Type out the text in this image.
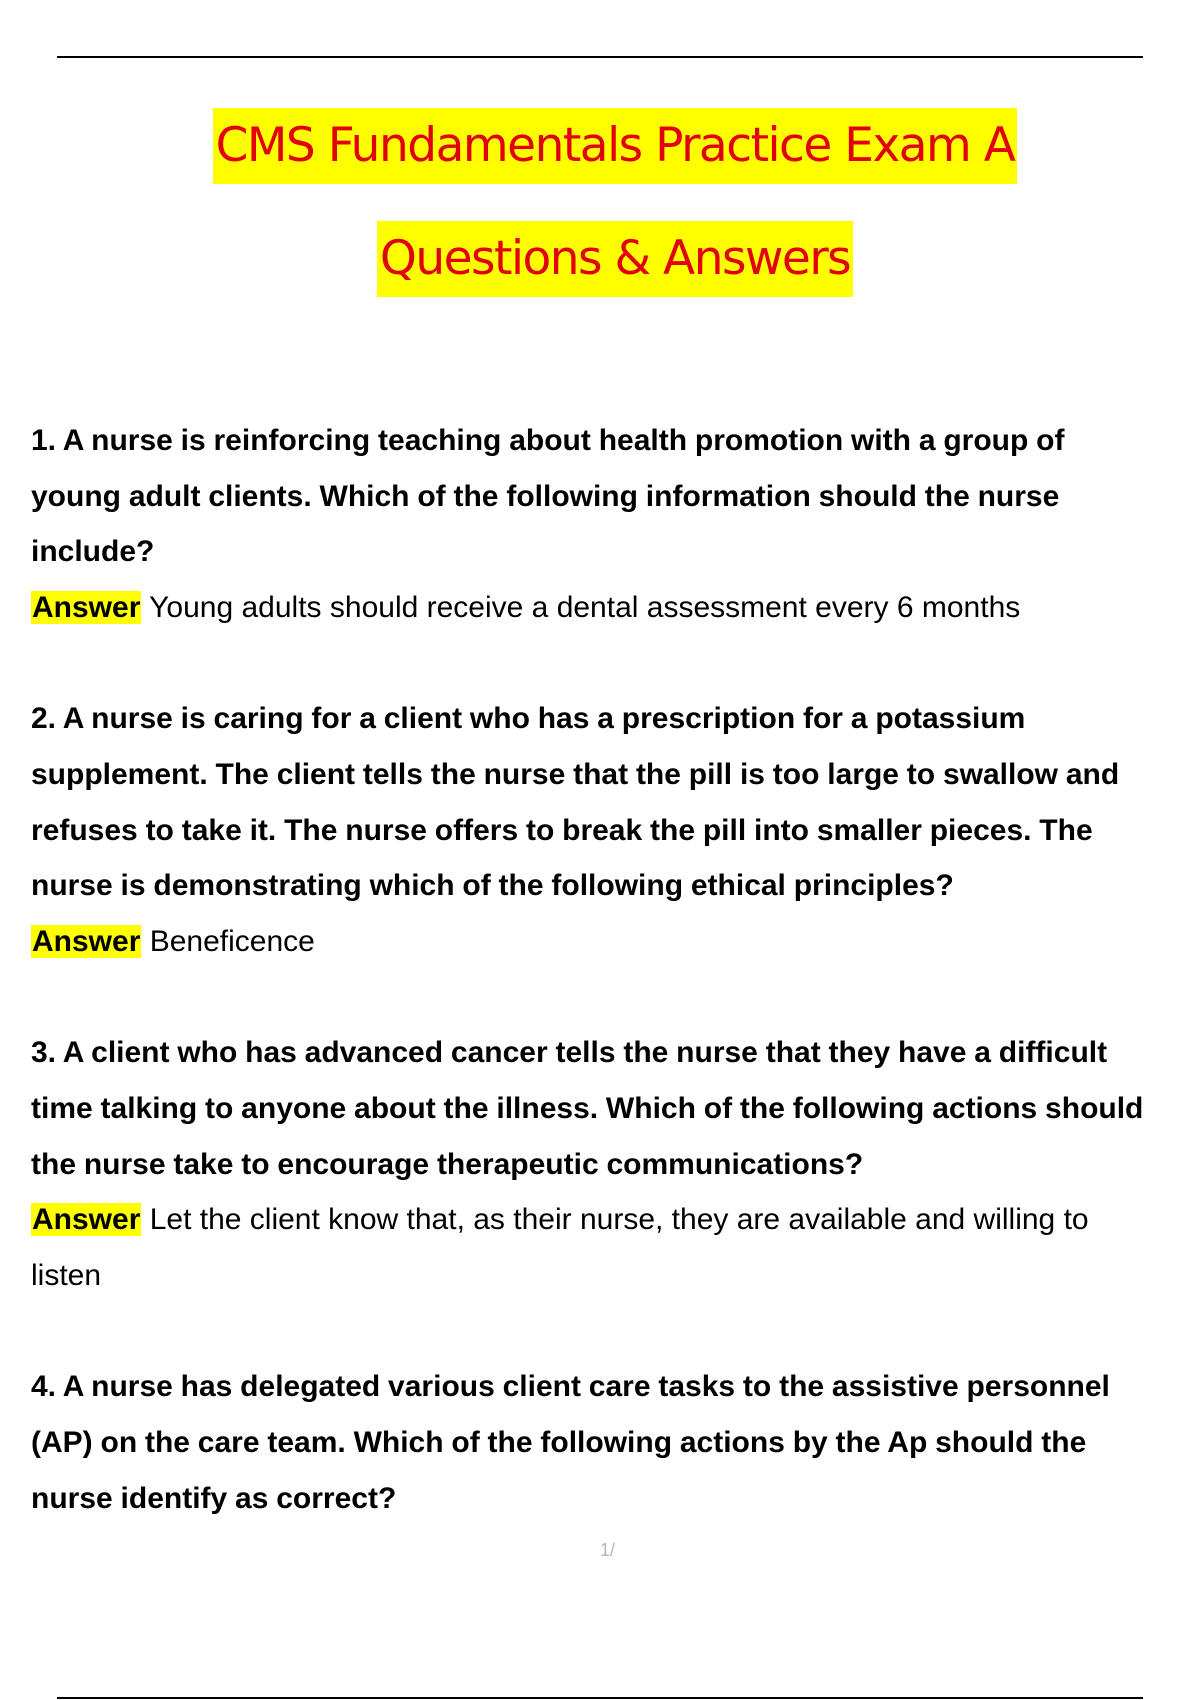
CMS Fundamentals Practice Exam A
Questions & Answers
1. A nurse is reinforcing teaching about health promotion with a group of
young adult clients. Which of the following information should the nurse
include?
Answer Young adults should receive a dental assessment every 6 months
2. A nurse is caring for a client who has a prescription for a potassium
supplement. The client tells the nurse that the pill is too large to swallow and
refuses to take it. The nurse offers to break the pill into smaller pieces. The
nurse is demonstrating which of the following ethical principles?
Answer Beneficence
3. A client who has advanced cancer tells the nurse that they have a difficult
time talking to anyone about the illness. Which of the following actions should
the nurse take to encourage therapeutic communications?
Answer Let the client know that, as their nurse, they are available and willing to
listen
4. A nurse has delegated various client care tasks to the assistive personnel
(AP) on the care team. Which of the following actions by the Ap should the
nurse identify as correct?
1/
